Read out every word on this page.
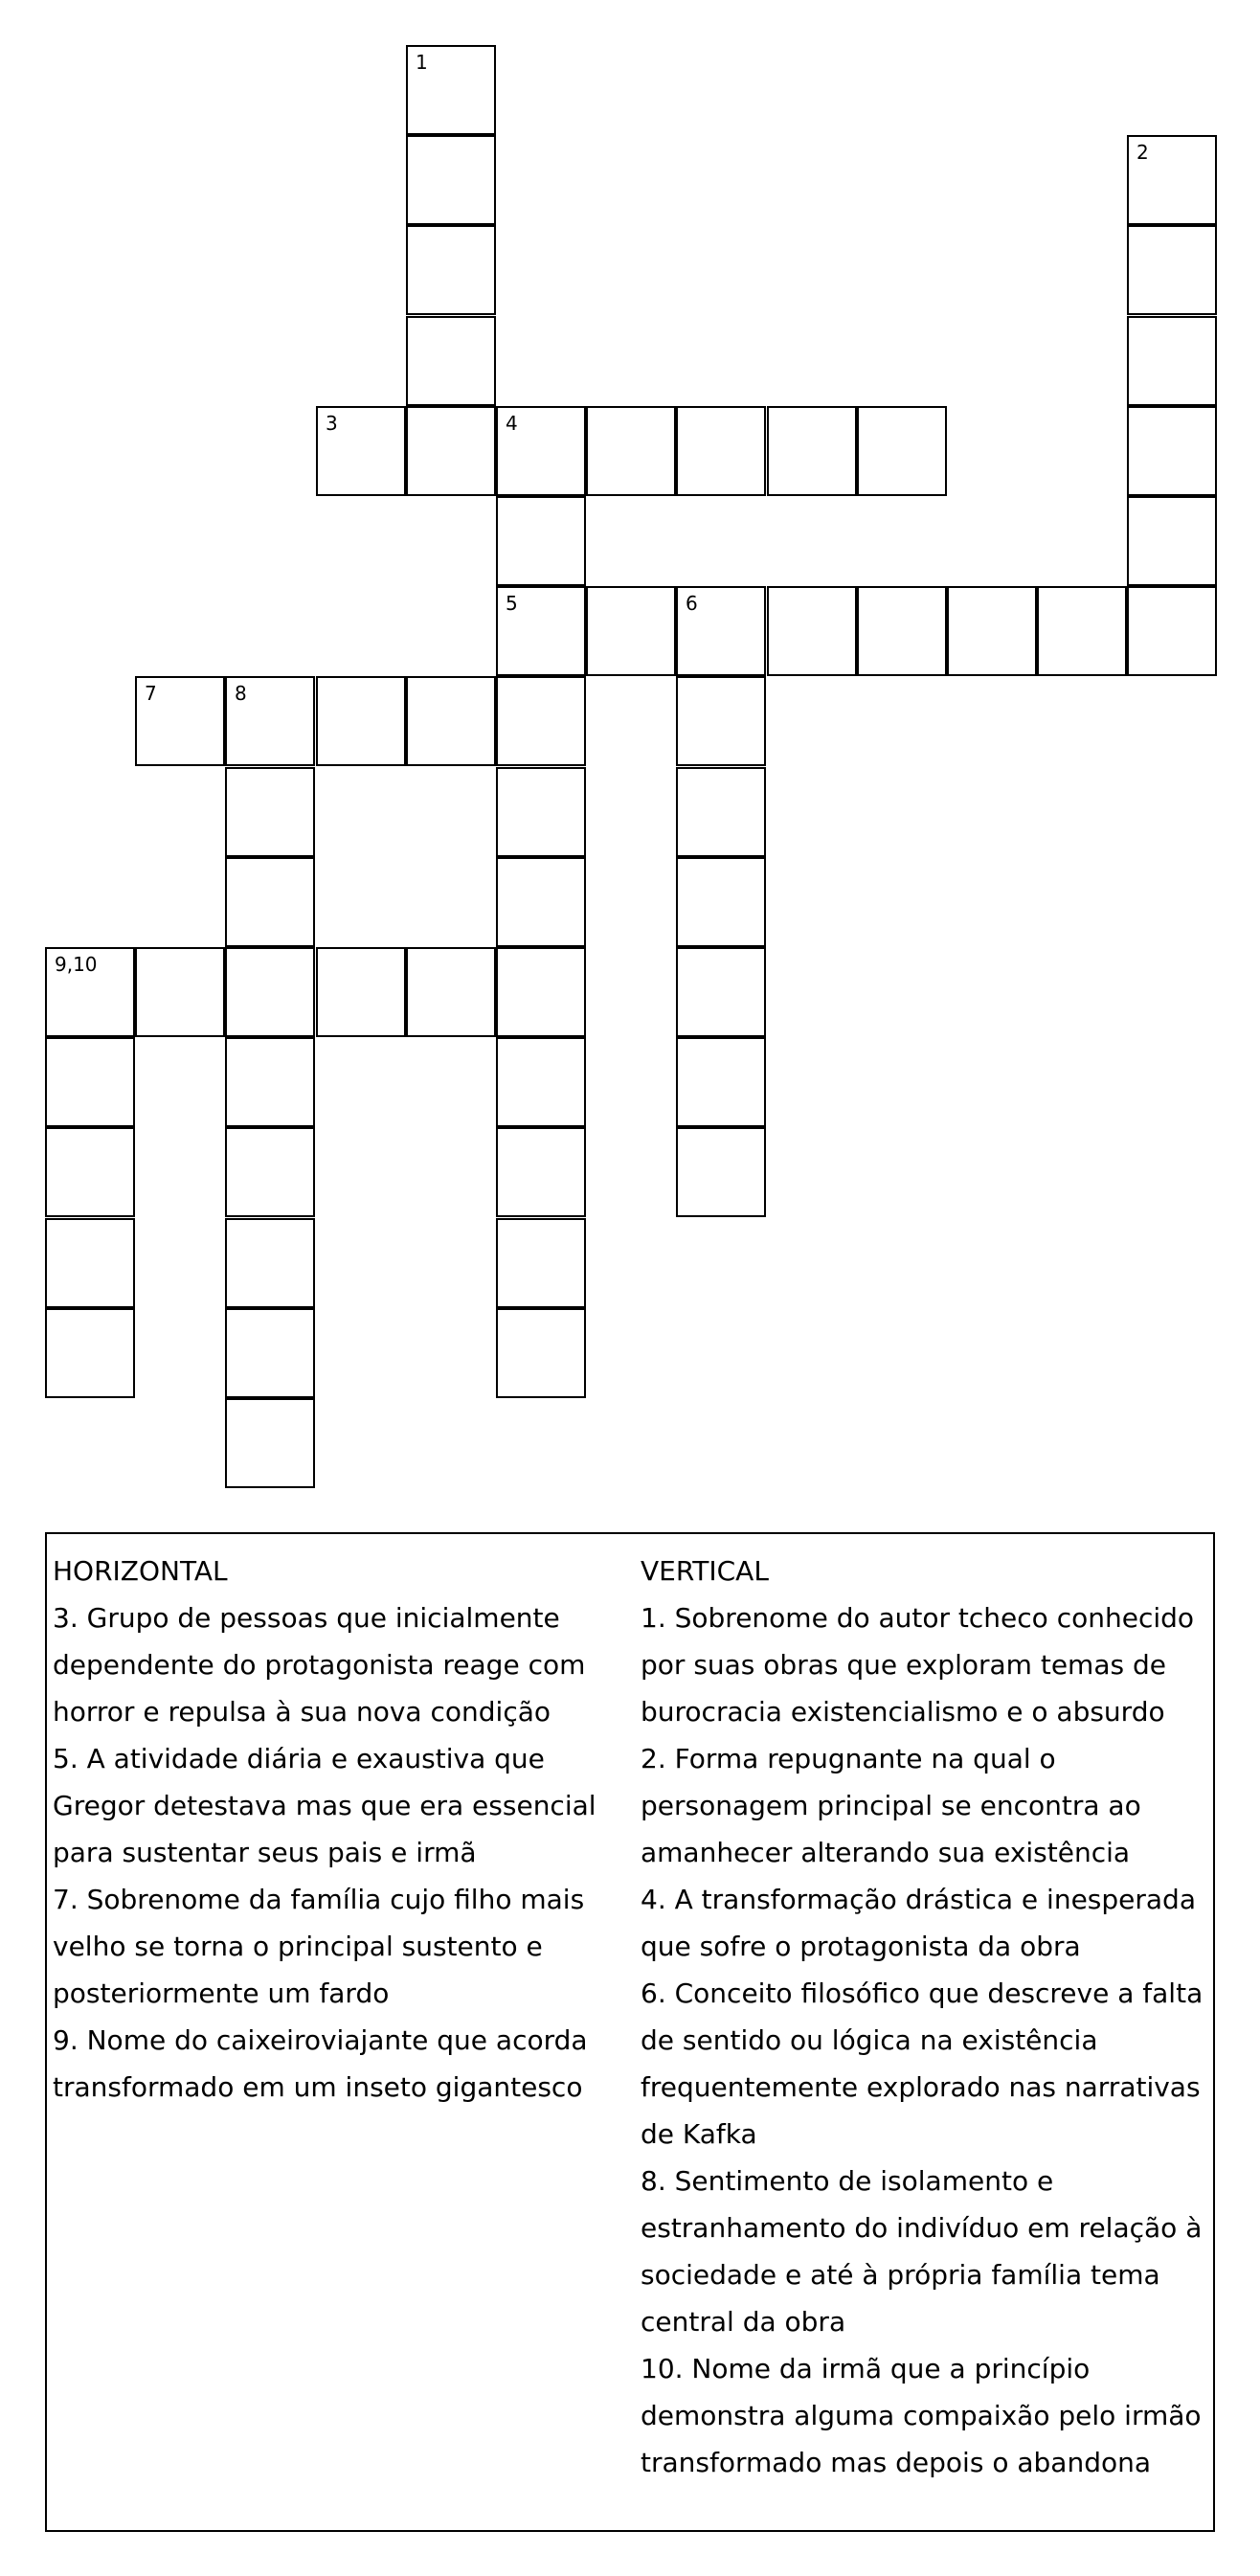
1
2
3	4
5	6
7	8
9,10
HORIZONTAL
3. Grupo de pessoas que inicialmente dependente do protagonista reage com horror e repulsa à sua nova condição
5. A atividade diária e exaustiva que Gregor detestava mas que era essencial para sustentar seus pais e irmã
7. Sobrenome da família cujo filho mais velho se torna o principal sustento e posteriormente um fardo
9. Nome do caixeiroviajante que acorda transformado em um inseto gigantesco
VERTICAL
1. Sobrenome do autor tcheco conhecido por suas obras que exploram temas de burocracia existencialismo e o absurdo
2. Forma repugnante na qual o personagem principal se encontra ao amanhecer alterando sua existência
4. A transformação drástica e inesperada que sofre o protagonista da obra
6. Conceito filosófico que descreve a falta de sentido ou lógica na existência frequentemente explorado nas narrativas de Kafka
8. Sentimento de isolamento e estranhamento do indivíduo em relação à sociedade e até à própria família tema central da obra
10. Nome da irmã que a princípio demonstra alguma compaixão pelo irmão transformado mas depois o abandona
